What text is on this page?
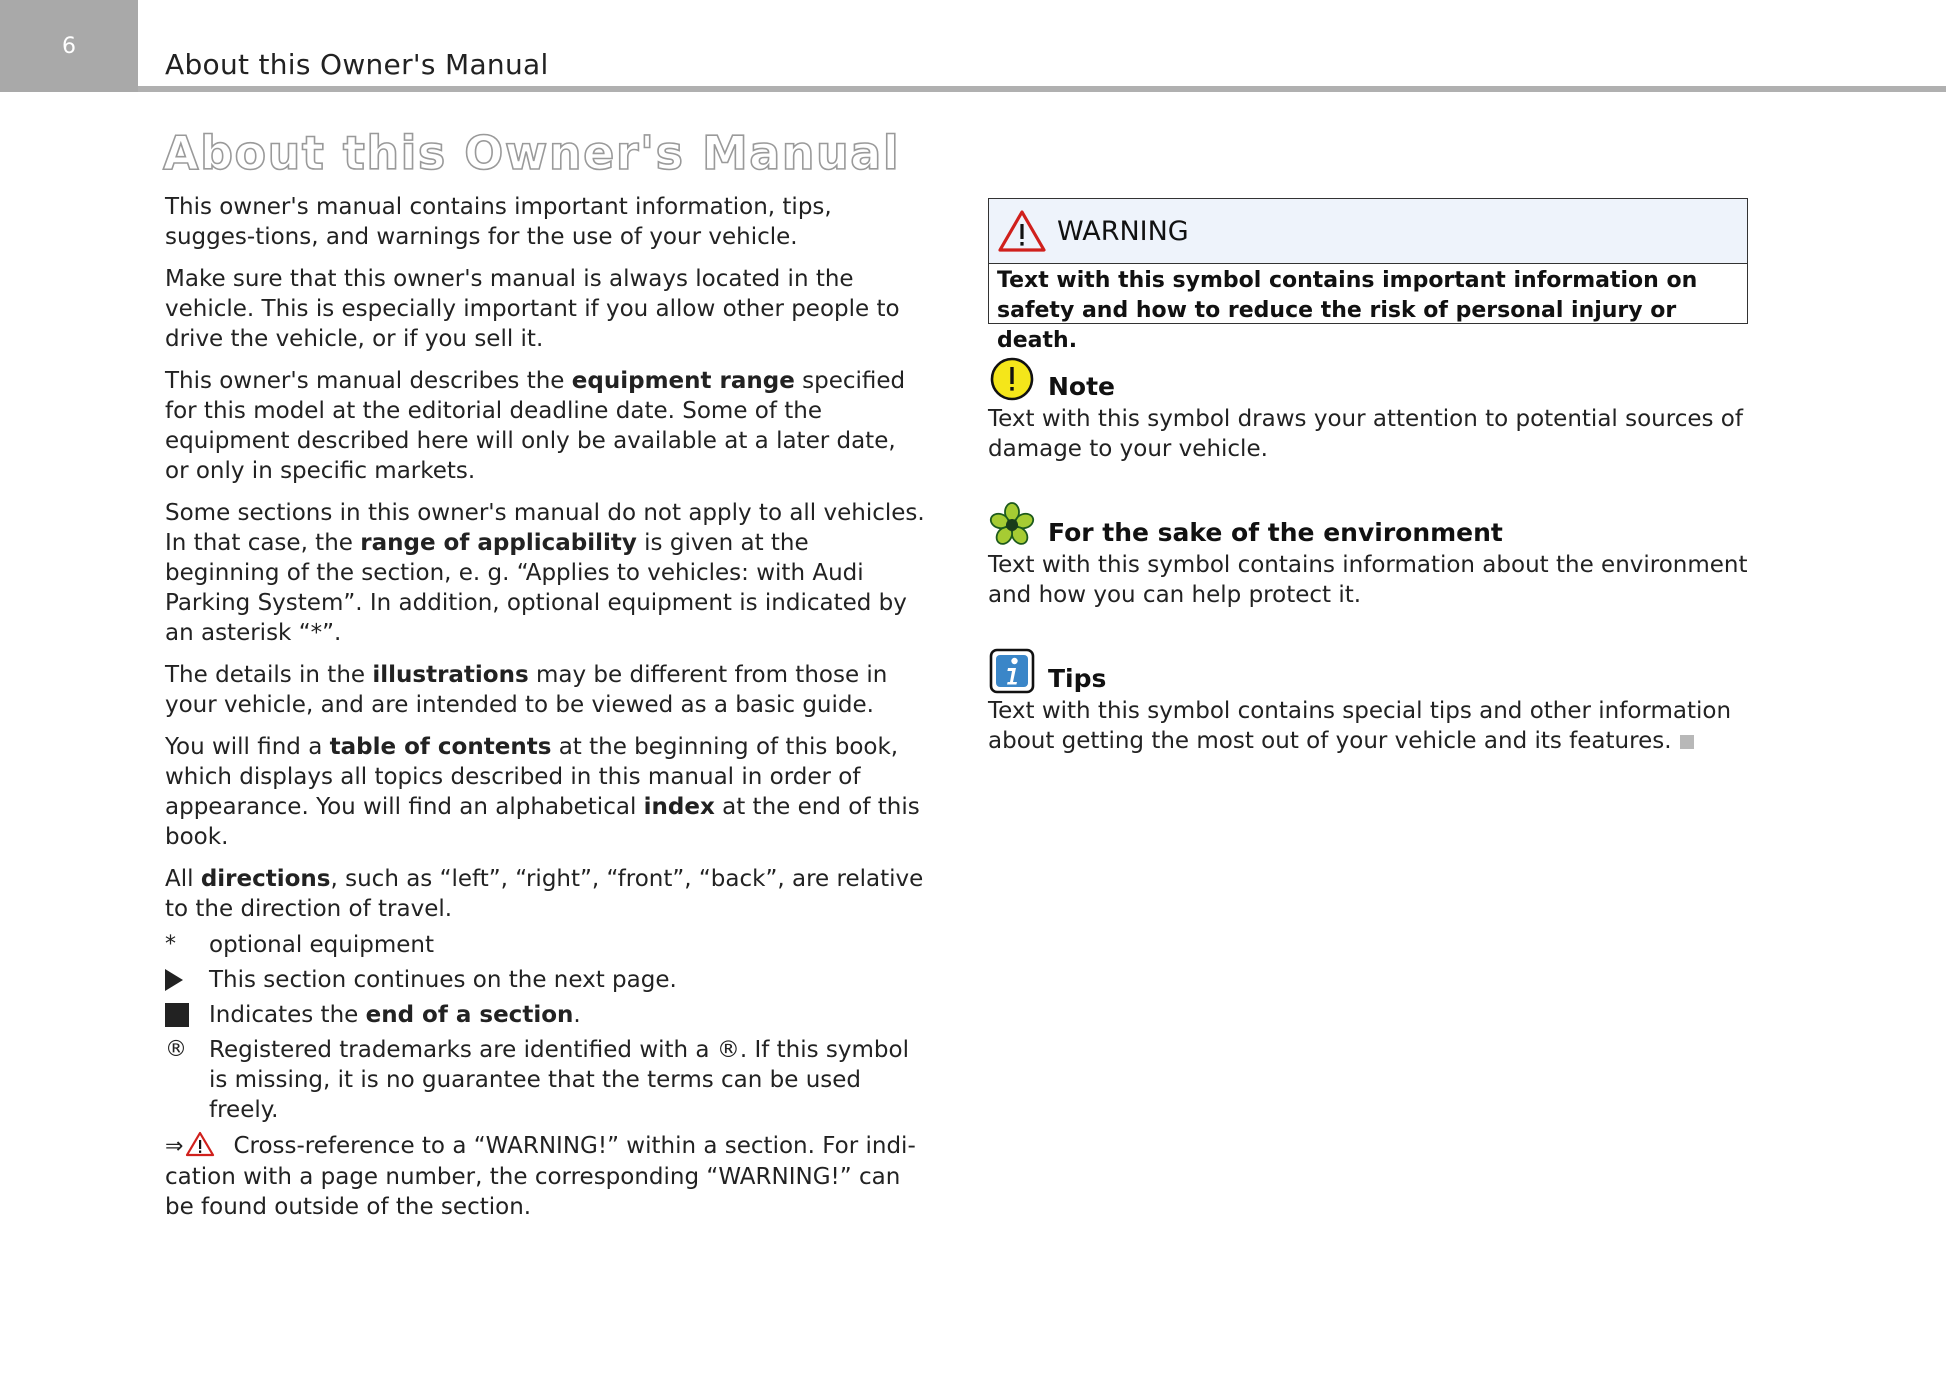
6
About this Owner's Manual
About this Owner's Manual

This owner's manual contains important information, tips, sugges-tions, and warnings for the use of your vehicle.

Make sure that this owner's manual is always located in the vehicle. This is especially important if you allow other people to drive the vehicle, or if you sell it.

This owner's manual describes the equipment range specified for this model at the editorial deadline date. Some of the equipment described here will only be available at a later date, or only in specific markets.

Some sections in this owner's manual do not apply to all vehicles. In that case, the range of applicability is given at the beginning of the section, e. g. “Applies to vehicles: with Audi Parking System”. In addition, optional equipment is indicated by an asterisk “*”.

The details in the illustrations may be different from those in your vehicle, and are intended to be viewed as a basic guide.

You will find a table of contents at the beginning of this book, which displays all topics described in this manual in order of appearance. You will find an alphabetical index at the end of this book.

All directions, such as “left”, “right”, “front”, “back”, are relative to the direction of travel.

* optional equipment
This section continues on the next page.
Indicates the end of a section.
® Registered trademarks are identified with a ®. If this symbol is missing, it is no guarantee that the terms can be used freely.

⇒ Cross-reference to a “WARNING!” within a section. For indi-cation with a page number, the corresponding “WARNING!” can be found outside of the section.

WARNING
Text with this symbol contains important information on safety and how to reduce the risk of personal injury or death.
Note
Text with this symbol draws your attention to potential sources of damage to your vehicle.
For the sake of the environment
Text with this symbol contains information about the environment and how you can help protect it.
Tips
Text with this symbol contains special tips and other information about getting the most out of your vehicle and its features.
